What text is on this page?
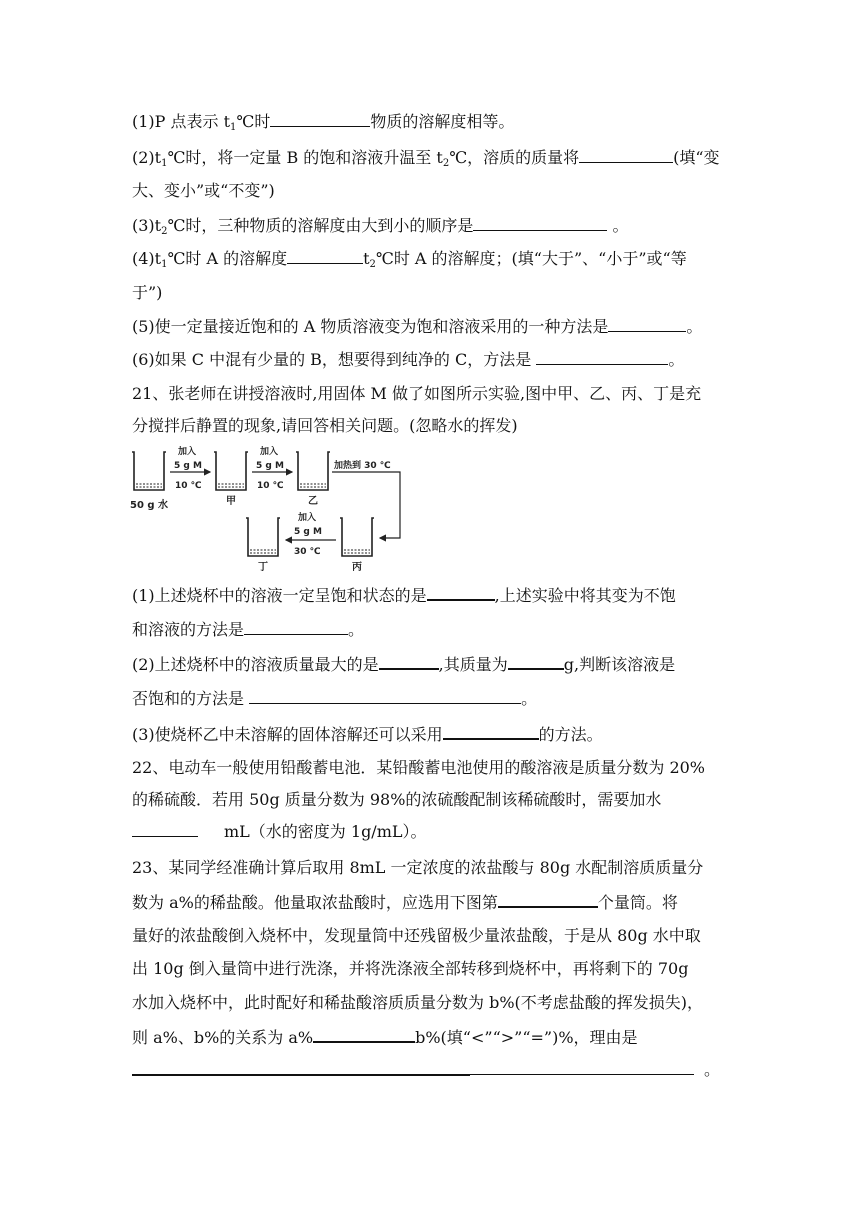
(1)P 点表示 $t_1℃$时	物质的溶解度相等。
$(2)t_1℃$时，将一定量 B 的饱和溶液升温至 $t_2℃$，溶质的质量将	(填“变
大、变小”或“不变”)
$(3)t_2℃$时，三种物质的溶解度由大到小的顺序是	。
$(4)t_1℃$时 A 的溶解度	$t_2℃$时 A 的溶解度；(填“大于”、“小于”或“等
于”)
(5)使一定量接近饱和的 A 物质溶液变为饱和溶液采用的一种方法是	。
(6)如果 C 中混有少量的 B，想要得到纯净的 C，方法是	。
21、张老师在讲授溶液时,用固体 M 做了如图所示实验,图中甲、乙、丙、丁是充
分搅拌后静置的现象,请回答相关问题。(忽略水的挥发)
50 g 水
加入
5 g M
10 ℃
甲
加入
5 g M
10 ℃
乙
加热到 30 ℃
丙
加入
5 g M
30 ℃
丁
(1)上述烧杯中的溶液一定呈饱和状态的是	,上述实验中将其变为不饱
和溶液的方法是	。
(2)上述烧杯中的溶液质量最大的是	,其质量为	g,判断该溶液是
否饱和的方法是	。
(3)使烧杯乙中未溶解的固体溶解还可以采用	的方法。
22、电动车一般使用铅酸蓄电池．某铅酸蓄电池使用的酸溶液是质量分数为 20%
的稀硫酸．若用 50g 质量分数为 98%的浓硫酸配制该稀硫酸时，需要加水
mL（水的密度为 1g/mL）。
23、某同学经准确计算后取用 8mL 一定浓度的浓盐酸与 80g 水配制溶质质量分
数为 a%的稀盐酸。他量取浓盐酸时，应选用下图第	个量筒。将
量好的浓盐酸倒入烧杯中，发现量筒中还残留极少量浓盐酸，于是从 80g 水中取
出 10g 倒入量筒中进行洗涤，并将洗涤液全部转移到烧杯中，再将剩下的 70g
水加入烧杯中，此时配好和稀盐酸溶质质量分数为 b%(不考虑盐酸的挥发损失)，
则 a%、b%的关系为 a%	b%(填“<”“>”“=”)%，理由是
。
